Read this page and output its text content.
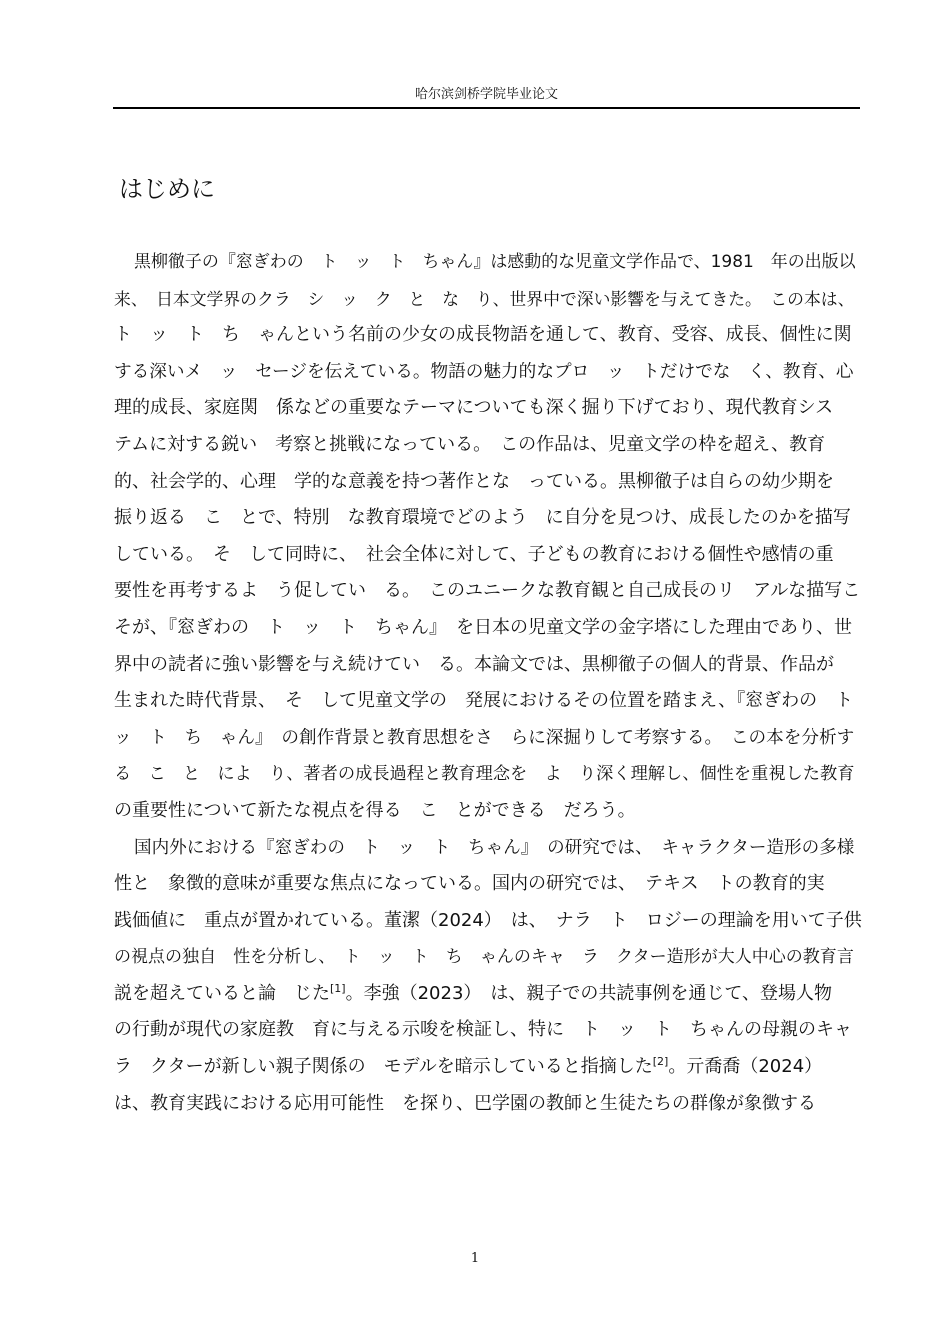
哈尔滨剑桥学院毕业论文
はじめに

黒柳徹子の『窓ぎわの　ト　ッ　ト　ちゃん』は感動的な児童文学作品で、1981　年の出版以
来、　日本文学界のクラ　シ　ッ　ク　と　な　り、世界中で深い影響を与えてきた。　この本は、
ト　ッ　ト　ち　ゃんという名前の少女の成長物語を通して、教育、受容、成長、個性に関
する深いメ　ッ　セージを伝えている。物語の魅力的なプロ　ッ　トだけでな　く、教育、心
理的成長、家庭関　係などの重要なテーマについても深く掘り下げており、現代教育シス
テムに対する鋭い　考察と挑戦になっている。　この作品は、児童文学の枠を超え、教育
的、社会学的、心理　学的な意義を持つ著作とな　っている。黒柳徹子は自らの幼少期を
振り返る　こ　とで、特別　な教育環境でどのよう　に自分を見つけ、成長したのかを描写
している。　そ　して同時に、　社会全体に対して、子どもの教育における個性や感情の重
要性を再考するよ　う促してい　る。　このユニークな教育観と自己成長のリ　アルな描写こ
そが、『窓ぎわの　ト　ッ　ト　ちゃん』　を日本の児童文学の金字塔にした理由であり、世
界中の読者に強い影響を与え続けてい　る。本論文では、黒柳徹子の個人的背景、作品が
生まれた時代背景、　そ　して児童文学の　発展におけるその位置を踏まえ、『窓ぎわの　ト
ッ　ト　ち　ゃん』　の創作背景と教育思想をさ　らに深掘りして考察する。　この本を分析す
る　こ　と　によ　り、著者の成長過程と教育理念を　よ　り深く理解し、個性を重視した教育
の重要性について新たな視点を得る　こ　とができる　だろう。

国内外における『窓ぎわの　ト　ッ　ト　ちゃん』　の研究では、　キャラクター造形の多様
性と　象徴的意味が重要な焦点になっている。国内の研究では、　テキス　トの教育的実
践価値に　重点が置かれている。董潔（2024）　は、　ナラ　ト　ロジーの理論を用いて子供
の視点の独自　性を分析し、　ト　ッ　ト　ち　ゃんのキャ　ラ　クター造形が大人中心の教育言
説を超えていると論　じた[1]。李強（2023）　は、親子での共読事例を通じて、登場人物
の行動が現代の家庭教　育に与える示唆を検証し、特に　ト　ッ　ト　ちゃんの母親のキャ
ラ　クターが新しい親子関係の　モデルを暗示していると指摘した[2]。亓喬喬（2024）
は、教育実践における応用可能性　を探り、巴学園の教師と生徒たちの群像が象徴する

1
